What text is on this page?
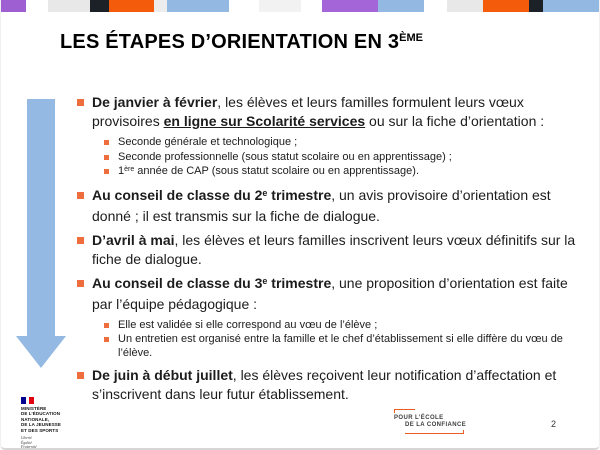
LES ÉTAPES D’ORIENTATION EN 3ÈME
De janvier à février, les élèves et leurs familles formulent leurs vœux provisoires en ligne sur Scolarité services ou sur la fiche d’orientation :
Seconde générale et technologique ;
Seconde professionnelle (sous statut scolaire ou en apprentissage) ;
1ère année de CAP (sous statut scolaire ou en apprentissage).
Au conseil de classe du 2e trimestre, un avis provisoire d’orientation est donné ; il est transmis sur la fiche de dialogue.
D’avril à mai, les élèves et leurs familles inscrivent leurs vœux définitifs sur la fiche de dialogue.
Au conseil de classe du 3e trimestre, une proposition d’orientation est faite par l’équipe pédagogique :
Elle est validée si elle correspond au vœu de l’élève ;
Un entretien est organisé entre la famille et le chef d’établissement si elle diffère du vœu de l’élève.
De juin à début juillet, les élèves reçoivent leur notification d’affectation et s’inscrivent dans leur futur établissement.
MINISTÈRE
DE L’ÉDUCATION
NATIONALE,
DE LA JEUNESSE
ET DES SPORTS
Liberté
Égalité
Fraternité
POUR L’ÉCOLE
DE LA CONFIANCE	2
